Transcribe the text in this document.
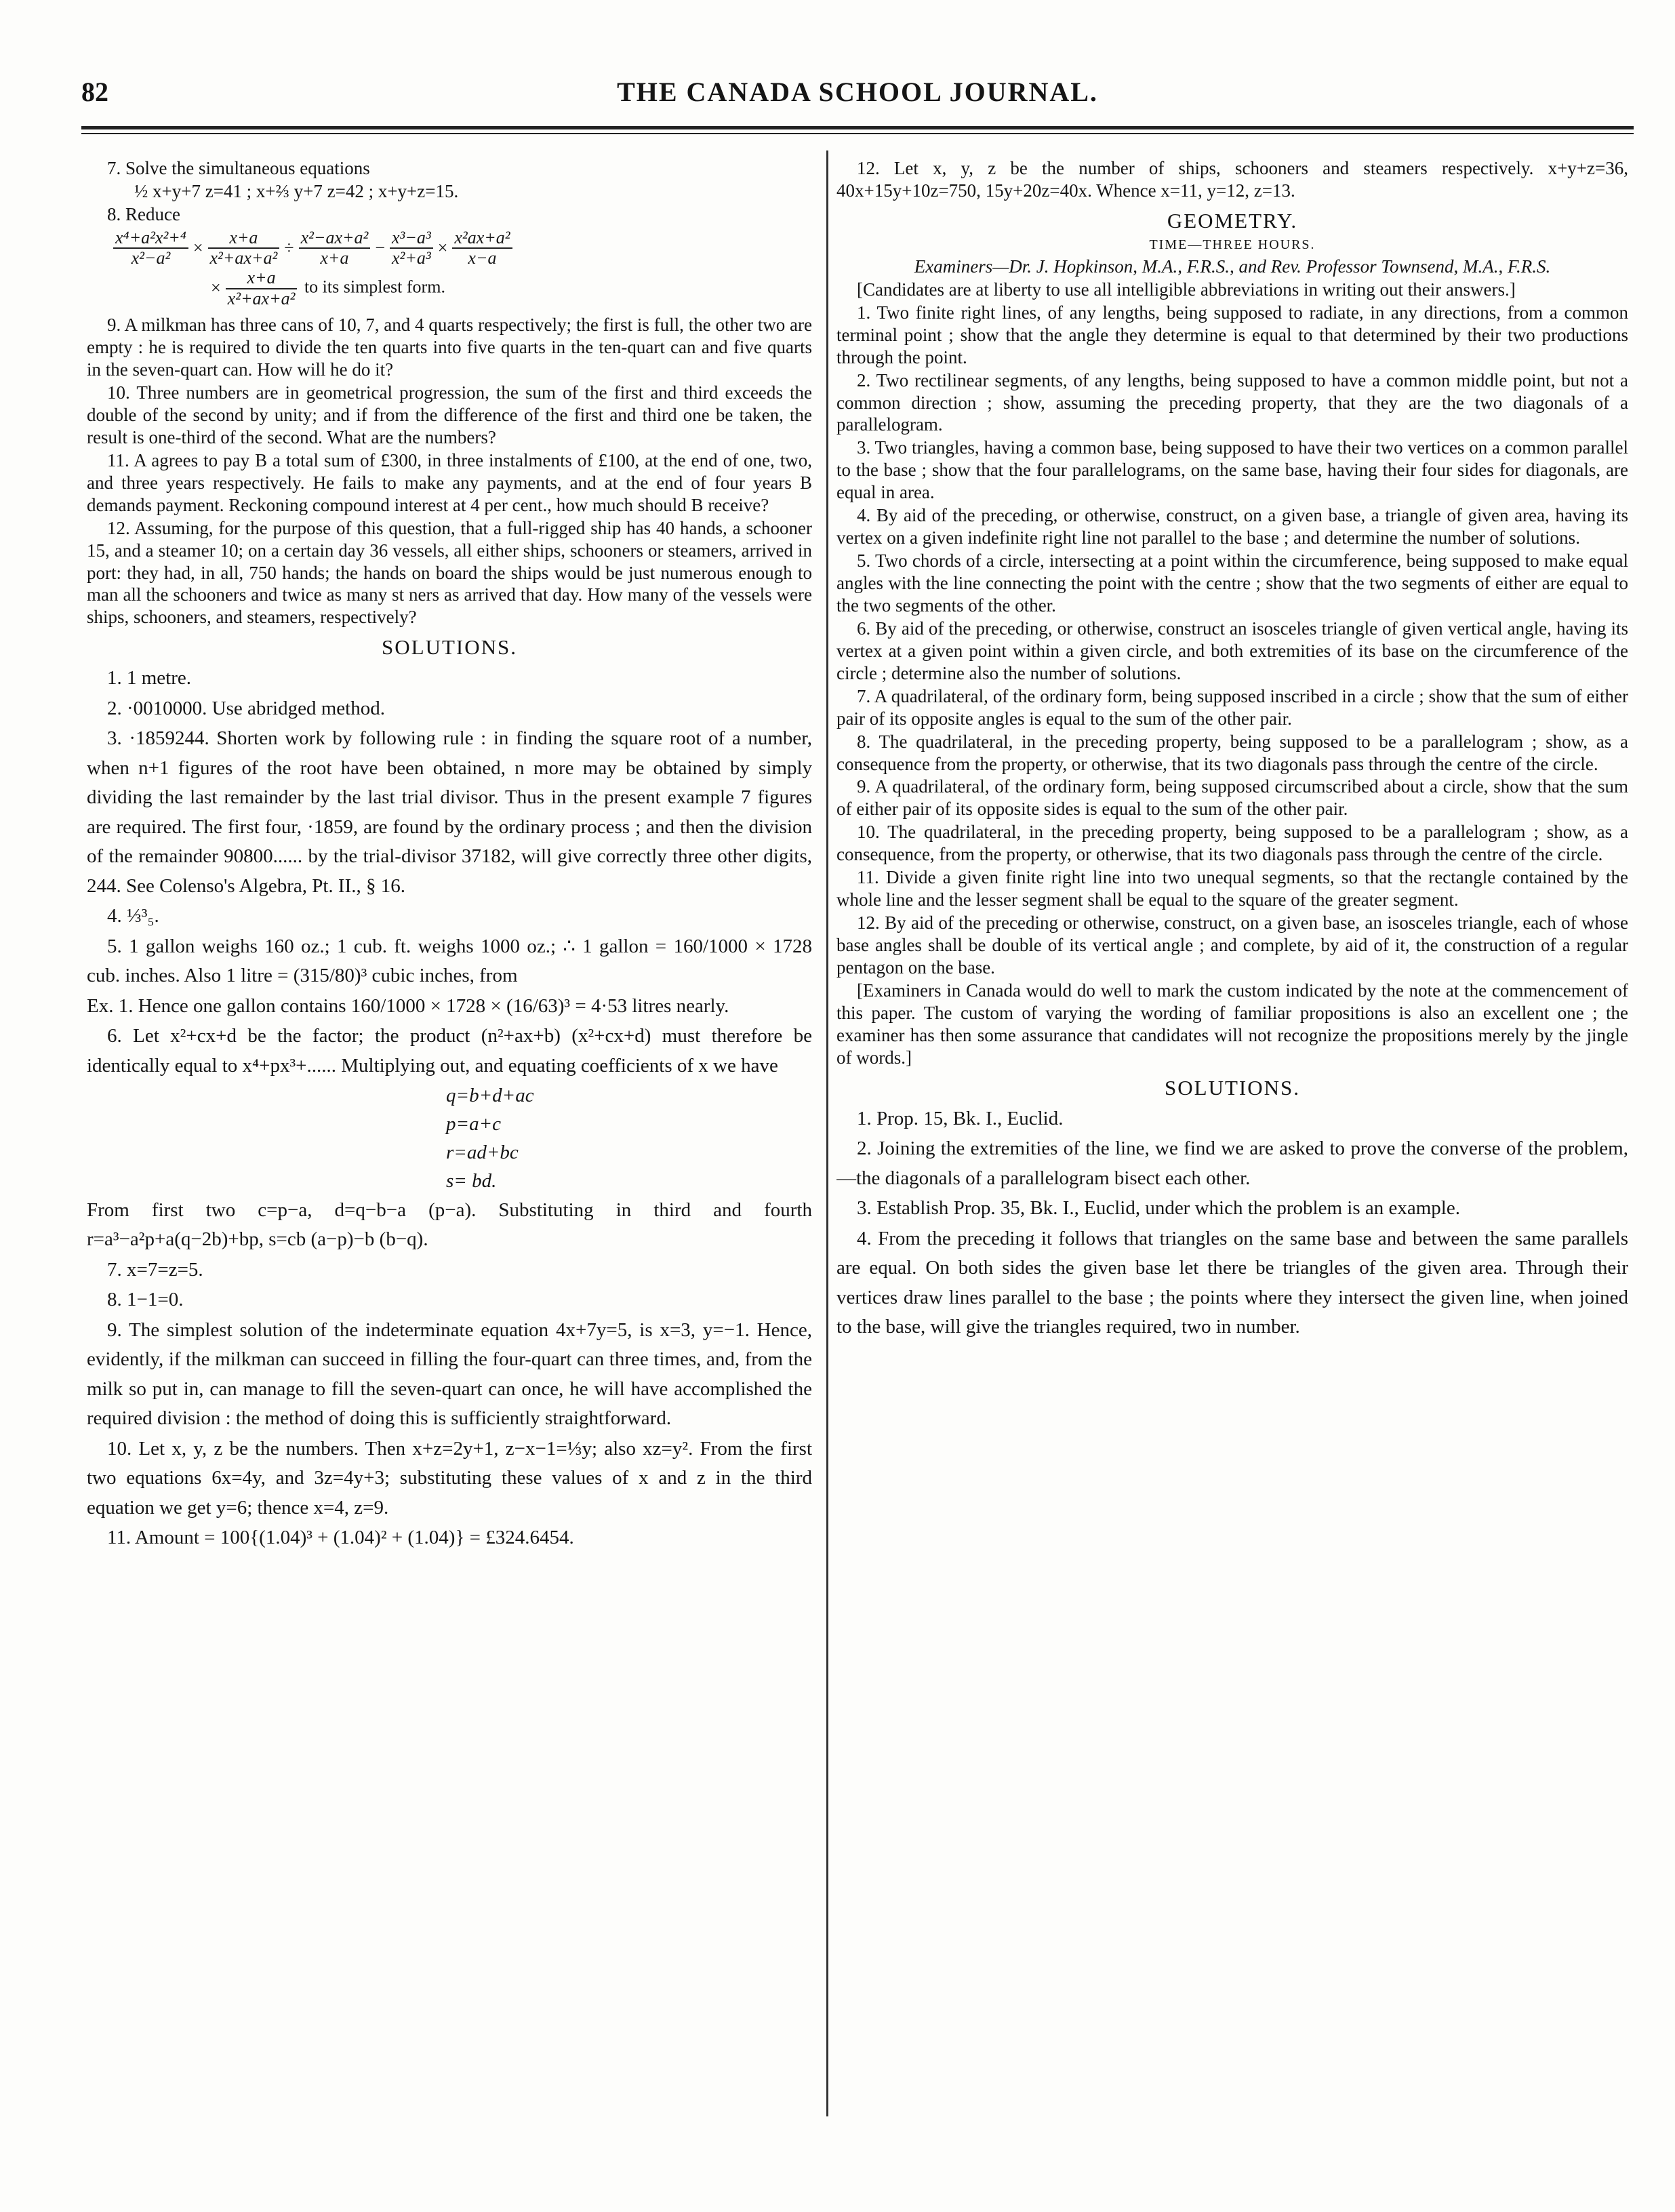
82	THE CANADA SCHOOL JOURNAL.

7. Solve the simultaneous equations

½ x+y+7 z=41 ; x+⅔ y+7 z=42 ; x+y+z=15.

8. Reduce

$\frac{\text{x⁴+a²x²+⁴}}{\text{x²−a²}} \times \frac{x+a}{\text{x²+ax+a²}} \div \frac{\text{x²−ax+a²}}{x+a} - \frac{\text{x³−a³}}{\text{x²+a³}} \times \frac{\text{x²ax+a²}}{x-a}$
× $\frac{x+a}{\text{x²+ax+a²}}$ to its simplest form.

9. A milkman has three cans of 10, 7, and 4 quarts respectively; the first is full, the other two are empty : he is required to divide the ten quarts into five quarts in the ten-quart can and five quarts in the seven-quart can. How will he do it?

10. Three numbers are in geometrical progression, the sum of the first and third exceeds the double of the second by unity; and if from the difference of the first and third one be taken, the result is one-third of the second. What are the numbers?

11. A agrees to pay B a total sum of £300, in three instalments of £100, at the end of one, two, and three years respectively. He fails to make any payments, and at the end of four years B demands payment. Reckoning compound interest at 4 per cent., how much should B receive?

12. Assuming, for the purpose of this question, that a full-rigged ship has 40 hands, a schooner 15, and a steamer 10; on a certain day 36 vessels, all either ships, schooners or steamers, arrived in port: they had, in all, 750 hands; the hands on board the ships would be just numerous enough to man all the schooners and twice as many st ners as arrived that day. How many of the vessels were ships, schooners, and steamers, respectively?

SOLUTIONS.

1. 1 metre.

2. ·0010000. Use abridged method.

3. ·1859244. Shorten work by following rule : in finding the square root of a number, when n+1 figures of the root have been obtained, n more may be obtained by simply dividing the last remainder by the last trial divisor. Thus in the present example 7 figures are required. The first four, ·1859, are found by the ordinary process ; and then the division of the remainder 90800...... by the trial-divisor 37182, will give correctly three other digits, 244. See Colenso's Algebra, Pt. II., § 16.

4. ⅓³₅.

5. 1 gallon weighs 160 oz.; 1 cub. ft. weighs 1000 oz.; ∴ 1 gallon = 160/1000 × 1728 cub. inches. Also 1 litre = (315/80)³ cubic inches, from

Ex. 1. Hence one gallon contains 160/1000 × 1728 × (16/63)³ = 4·53 litres nearly.

6. Let x²+cx+d be the factor; the product (n²+ax+b) (x²+cx+d) must therefore be identically equal to x⁴+px³+...... Multiplying out, and equating coefficients of x we have

q=b+d+ac
p=a+c
r=ad+bc
s= bd.

From first two c=p−a, d=q−b−a (p−a). Substituting in third and fourth r=a³−a²p+a(q−2b)+bp, s=cb (a−p)−b (b−q).

7. x=7=z=5.

8. 1−1=0.

9. The simplest solution of the indeterminate equation 4x+7y=5, is x=3, y=−1. Hence, evidently, if the milkman can succeed in filling the four-quart can three times, and, from the milk so put in, can manage to fill the seven-quart can once, he will have accomplished the required division : the method of doing this is sufficiently straightforward.

10. Let x, y, z be the numbers. Then x+z=2y+1, z−x−1=⅓y; also xz=y². From the first two equations 6x=4y, and 3z=4y+3; substituting these values of x and z in the third equation we get y=6; thence x=4, z=9.

11. Amount = 100{(1.04)³ + (1.04)² + (1.04)} = £324.6454.

12. Let x, y, z be the number of ships, schooners and steamers respectively. x+y+z=36, 40x+15y+10z=750, 15y+20z=40x. Whence x=11, y=12, z=13.

GEOMETRY.
TIME—THREE HOURS.

Examiners—Dr. J. Hopkinson, M.A., F.R.S., and Rev. Professor Townsend, M.A., F.R.S.

[Candidates are at liberty to use all intelligible abbreviations in writing out their answers.]

1. Two finite right lines, of any lengths, being supposed to radiate, in any directions, from a common terminal point ; show that the angle they determine is equal to that determined by their two productions through the point.

2. Two rectilinear segments, of any lengths, being supposed to have a common middle point, but not a common direction ; show, assuming the preceding property, that they are the two diagonals of a parallelogram.

3. Two triangles, having a common base, being supposed to have their two vertices on a common parallel to the base ; show that the four parallelograms, on the same base, having their four sides for diagonals, are equal in area.

4. By aid of the preceding, or otherwise, construct, on a given base, a triangle of given area, having its vertex on a given indefinite right line not parallel to the base ; and determine the number of solutions.

5. Two chords of a circle, intersecting at a point within the circumference, being supposed to make equal angles with the line connecting the point with the centre ; show that the two segments of either are equal to the two segments of the other.

6. By aid of the preceding, or otherwise, construct an isosceles triangle of given vertical angle, having its vertex at a given point within a given circle, and both extremities of its base on the circumference of the circle ; determine also the number of solutions.

7. A quadrilateral, of the ordinary form, being supposed inscribed in a circle ; show that the sum of either pair of its opposite angles is equal to the sum of the other pair.

8. The quadrilateral, in the preceding property, being supposed to be a parallelogram ; show, as a consequence from the property, or otherwise, that its two diagonals pass through the centre of the circle.

9. A quadrilateral, of the ordinary form, being supposed circumscribed about a circle, show that the sum of either pair of its opposite sides is equal to the sum of the other pair.

10. The quadrilateral, in the preceding property, being supposed to be a parallelogram ; show, as a consequence, from the property, or otherwise, that its two diagonals pass through the centre of the circle.

11. Divide a given finite right line into two unequal segments, so that the rectangle contained by the whole line and the lesser segment shall be equal to the square of the greater segment.

12. By aid of the preceding or otherwise, construct, on a given base, an isosceles triangle, each of whose base angles shall be double of its vertical angle ; and complete, by aid of it, the construction of a regular pentagon on the base.

[Examiners in Canada would do well to mark the custom indicated by the note at the commencement of this paper. The custom of varying the wording of familiar propositions is also an excellent one ; the examiner has then some assurance that candidates will not recognize the propositions merely by the jingle of words.]

SOLUTIONS.

1. Prop. 15, Bk. I., Euclid.

2. Joining the extremities of the line, we find we are asked to prove the converse of the problem,—the diagonals of a parallelogram bisect each other.

3. Establish Prop. 35, Bk. I., Euclid, under which the problem is an example.

4. From the preceding it follows that triangles on the same base and between the same parallels are equal. On both sides the given base let there be triangles of the given area. Through their vertices draw lines parallel to the base ; the points where they intersect the given line, when joined to the base, will give the triangles required, two in number.
